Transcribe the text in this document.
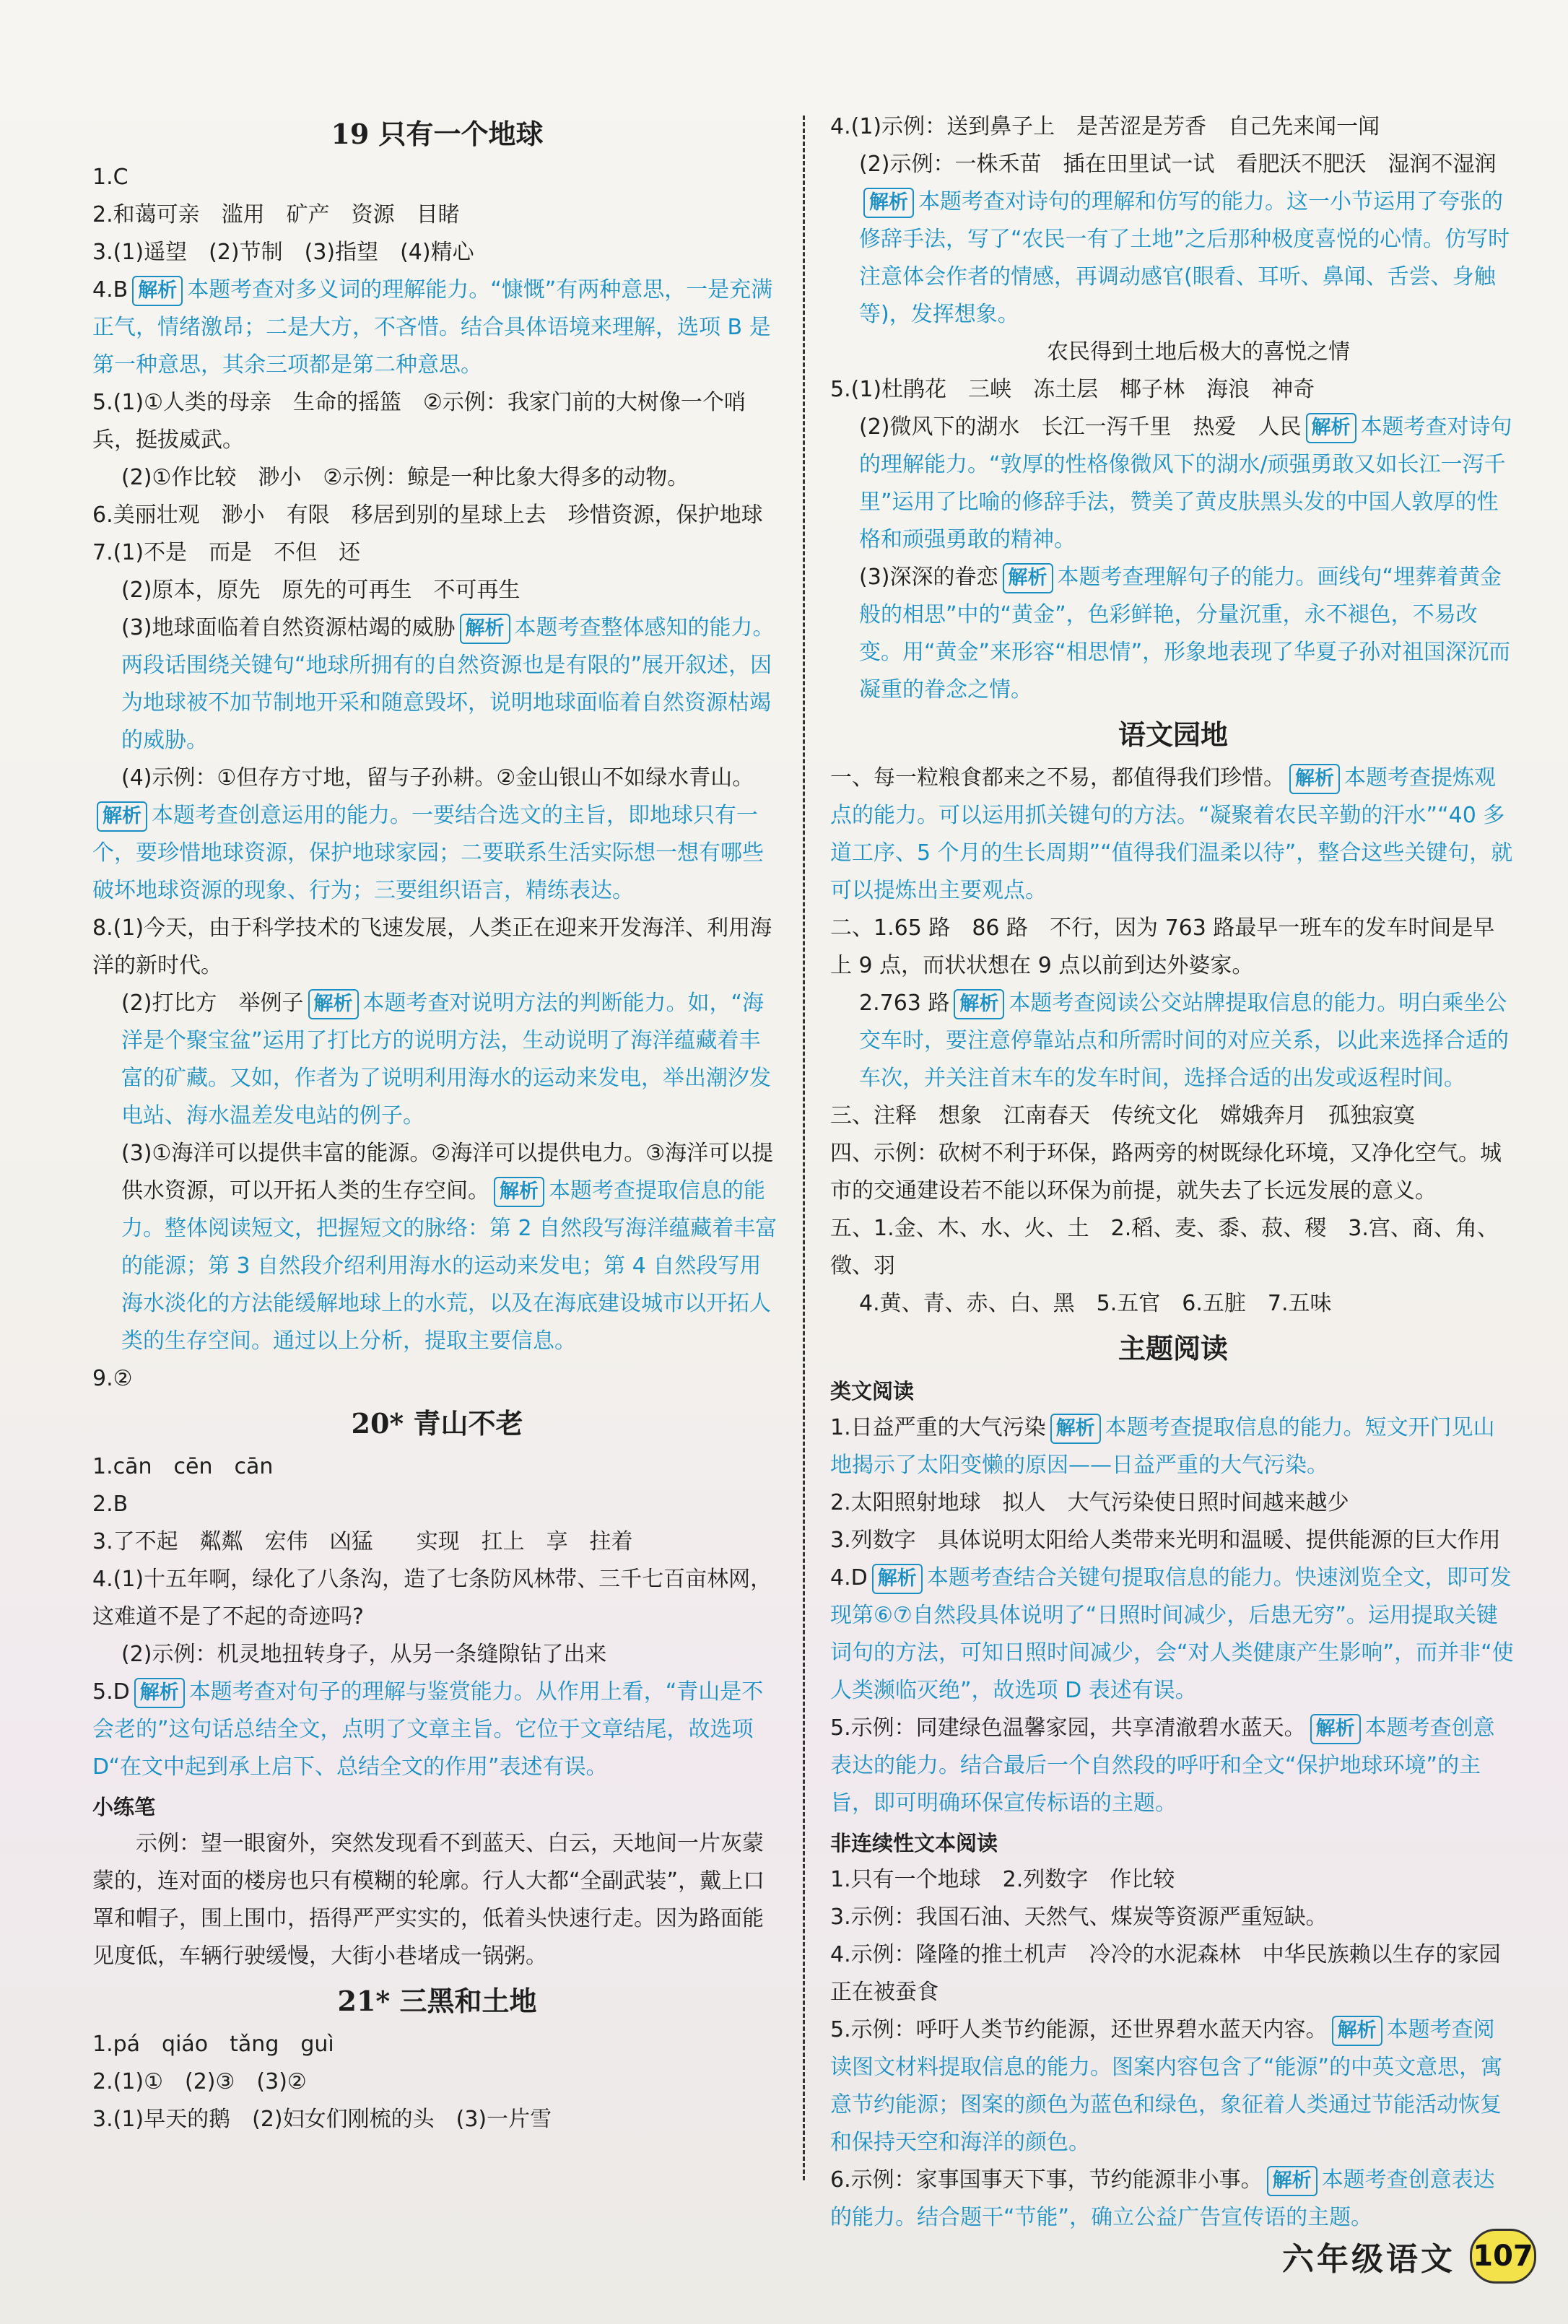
19 只有一个地球

1.C

2.和蔼可亲　滥用　矿产　资源　目睹

3.(1)遥望　(2)节制　(3)指望　(4)精心

4.B 解析 本题考查对多义词的理解能力。“慷慨”有两种意思，一是充满正气，情绪激昂；二是大方，不吝惜。结合具体语境来理解，选项 B 是第一种意思，其余三项都是第二种意思。

5.(1)①人类的母亲　生命的摇篮　②示例：我家门前的大树像一个哨兵，挺拔威武。

(2)①作比较　渺小　②示例：鲸是一种比象大得多的动物。

6.美丽壮观　渺小　有限　移居到别的星球上去　珍惜资源，保护地球

7.(1)不是　而是　不但　还

(2)原本，原先　原先的可再生　不可再生

(3)地球面临着自然资源枯竭的威胁 解析 本题考查整体感知的能力。两段话围绕关键句“地球所拥有的自然资源也是有限的”展开叙述，因为地球被不加节制地开采和随意毁坏，说明地球面临着自然资源枯竭的威胁。

(4)示例：①但存方寸地，留与子孙耕。②金山银山不如绿水青山。

解析 本题考查创意运用的能力。一要结合选文的主旨，即地球只有一个，要珍惜地球资源，保护地球家园；二要联系生活实际想一想有哪些破坏地球资源的现象、行为；三要组织语言，精练表达。

8.(1)今天，由于科学技术的飞速发展，人类正在迎来开发海洋、利用海洋的新时代。

(2)打比方　举例子 解析 本题考查对说明方法的判断能力。如，“海洋是个聚宝盆”运用了打比方的说明方法，生动说明了海洋蕴藏着丰富的矿藏。又如，作者为了说明利用海水的运动来发电，举出潮汐发电站、海水温差发电站的例子。

(3)①海洋可以提供丰富的能源。②海洋可以提供电力。③海洋可以提供水资源，可以开拓人类的生存空间。 解析 本题考查提取信息的能力。整体阅读短文，把握短文的脉络：第 2 自然段写海洋蕴藏着丰富的能源；第 3 自然段介绍利用海水的运动来发电；第 4 自然段写用海水淡化的方法能缓解地球上的水荒，以及在海底建设城市以开拓人类的生存空间。通过以上分析，提取主要信息。

9.②

20* 青山不老

1.cān　cēn　cān

2.B

3.了不起　粼粼　宏伟　凶猛　　实现　扛上　享　拄着

4.(1)十五年啊，绿化了八条沟，造了七条防风林带、三千七百亩林网，这难道不是了不起的奇迹吗?

(2)示例：机灵地扭转身子，从另一条缝隙钻了出来

5.D 解析 本题考查对句子的理解与鉴赏能力。从作用上看，“青山是不会老的”这句话总结全文，点明了文章主旨。它位于文章结尾，故选项 D“在文中起到承上启下、总结全文的作用”表述有误。

小练笔

　　示例：望一眼窗外，突然发现看不到蓝天、白云，天地间一片灰蒙蒙的，连对面的楼房也只有模糊的轮廓。行人大都“全副武装”，戴上口罩和帽子，围上围巾，捂得严严实实的，低着头快速行走。因为路面能见度低，车辆行驶缓慢，大街小巷堵成一锅粥。

21* 三黑和土地

1.pá　qiáo　tǎng　guì

2.(1)①　(2)③　(3)②

3.(1)早天的鹅　(2)妇女们刚梳的头　(3)一片雪

4.(1)示例：送到鼻子上　是苦涩是芳香　自己先来闻一闻

(2)示例：一株禾苗　插在田里试一试　看肥沃不肥沃　湿润不湿润解析 本题考查对诗句的理解和仿写的能力。这一小节运用了夸张的修辞手法，写了“农民一有了土地”之后那种极度喜悦的心情。仿写时注意体会作者的情感，再调动感官(眼看、耳听、鼻闻、舌尝、身触等)，发挥想象。

农民得到土地后极大的喜悦之情

5.(1)杜鹃花　三峡　冻土层　椰子林　海浪　神奇

(2)微风下的湖水　长江一泻千里　热爱　人民 解析 本题考查对诗句的理解能力。“敦厚的性格像微风下的湖水/顽强勇敢又如长江一泻千里”运用了比喻的修辞手法，赞美了黄皮肤黑头发的中国人敦厚的性格和顽强勇敢的精神。

(3)深深的眷恋 解析 本题考查理解句子的能力。画线句“埋葬着黄金般的相思”中的“黄金”，色彩鲜艳，分量沉重，永不褪色，不易改变。用“黄金”来形容“相思情”，形象地表现了华夏子孙对祖国深沉而凝重的眷念之情。

语文园地

一、每一粒粮食都来之不易，都值得我们珍惜。 解析 本题考查提炼观点的能力。可以运用抓关键句的方法。“凝聚着农民辛勤的汗水”“40 多道工序、5 个月的生长周期”“值得我们温柔以待”，整合这些关键句，就可以提炼出主要观点。

二、1.65 路　86 路　不行，因为 763 路最早一班车的发车时间是早上 9 点，而状状想在 9 点以前到达外婆家。

2.763 路 解析 本题考查阅读公交站牌提取信息的能力。明白乘坐公交车时，要注意停靠站点和所需时间的对应关系，以此来选择合适的车次，并关注首末车的发车时间，选择合适的出发或返程时间。

三、注释　想象　江南春天　传统文化　嫦娥奔月　孤独寂寞

四、示例：砍树不利于环保，路两旁的树既绿化环境，又净化空气。城市的交通建设若不能以环保为前提，就失去了长远发展的意义。

五、1.金、木、水、火、土　2.稻、麦、黍、菽、稷　3.宫、商、角、徵、羽

4.黄、青、赤、白、黑　5.五官　6.五脏　7.五味

主题阅读
类文阅读

1.日益严重的大气污染 解析 本题考查提取信息的能力。短文开门见山地揭示了太阳变懒的原因——日益严重的大气污染。

2.太阳照射地球　拟人　大气污染使日照时间越来越少

3.列数字　具体说明太阳给人类带来光明和温暖、提供能源的巨大作用

4.D 解析 本题考查结合关键句提取信息的能力。快速浏览全文，即可发现第⑥⑦自然段具体说明了“日照时间减少，后患无穷”。运用提取关键词句的方法，可知日照时间减少，会“对人类健康产生影响”，而并非“使人类濒临灭绝”，故选项 D 表述有误。

5.示例：同建绿色温馨家园，共享清澈碧水蓝天。 解析 本题考查创意表达的能力。结合最后一个自然段的呼吁和全文“保护地球环境”的主旨，即可明确环保宣传标语的主题。

非连续性文本阅读

1.只有一个地球　2.列数字　作比较

3.示例：我国石油、天然气、煤炭等资源严重短缺。

4.示例：隆隆的推土机声　冷冷的水泥森林　中华民族赖以生存的家园正在被蚕食

5.示例：呼吁人类节约能源，还世界碧水蓝天内容。 解析 本题考查阅读图文材料提取信息的能力。图案内容包含了“能源”的中英文意思，寓意节约能源；图案的颜色为蓝色和绿色，象征着人类通过节能活动恢复和保持天空和海洋的颜色。

6.示例：家事国事天下事，节约能源非小事。 解析 本题考查创意表达的能力。结合题干“节能”，确立公益广告宣传语的主题。

六年级语文 107
